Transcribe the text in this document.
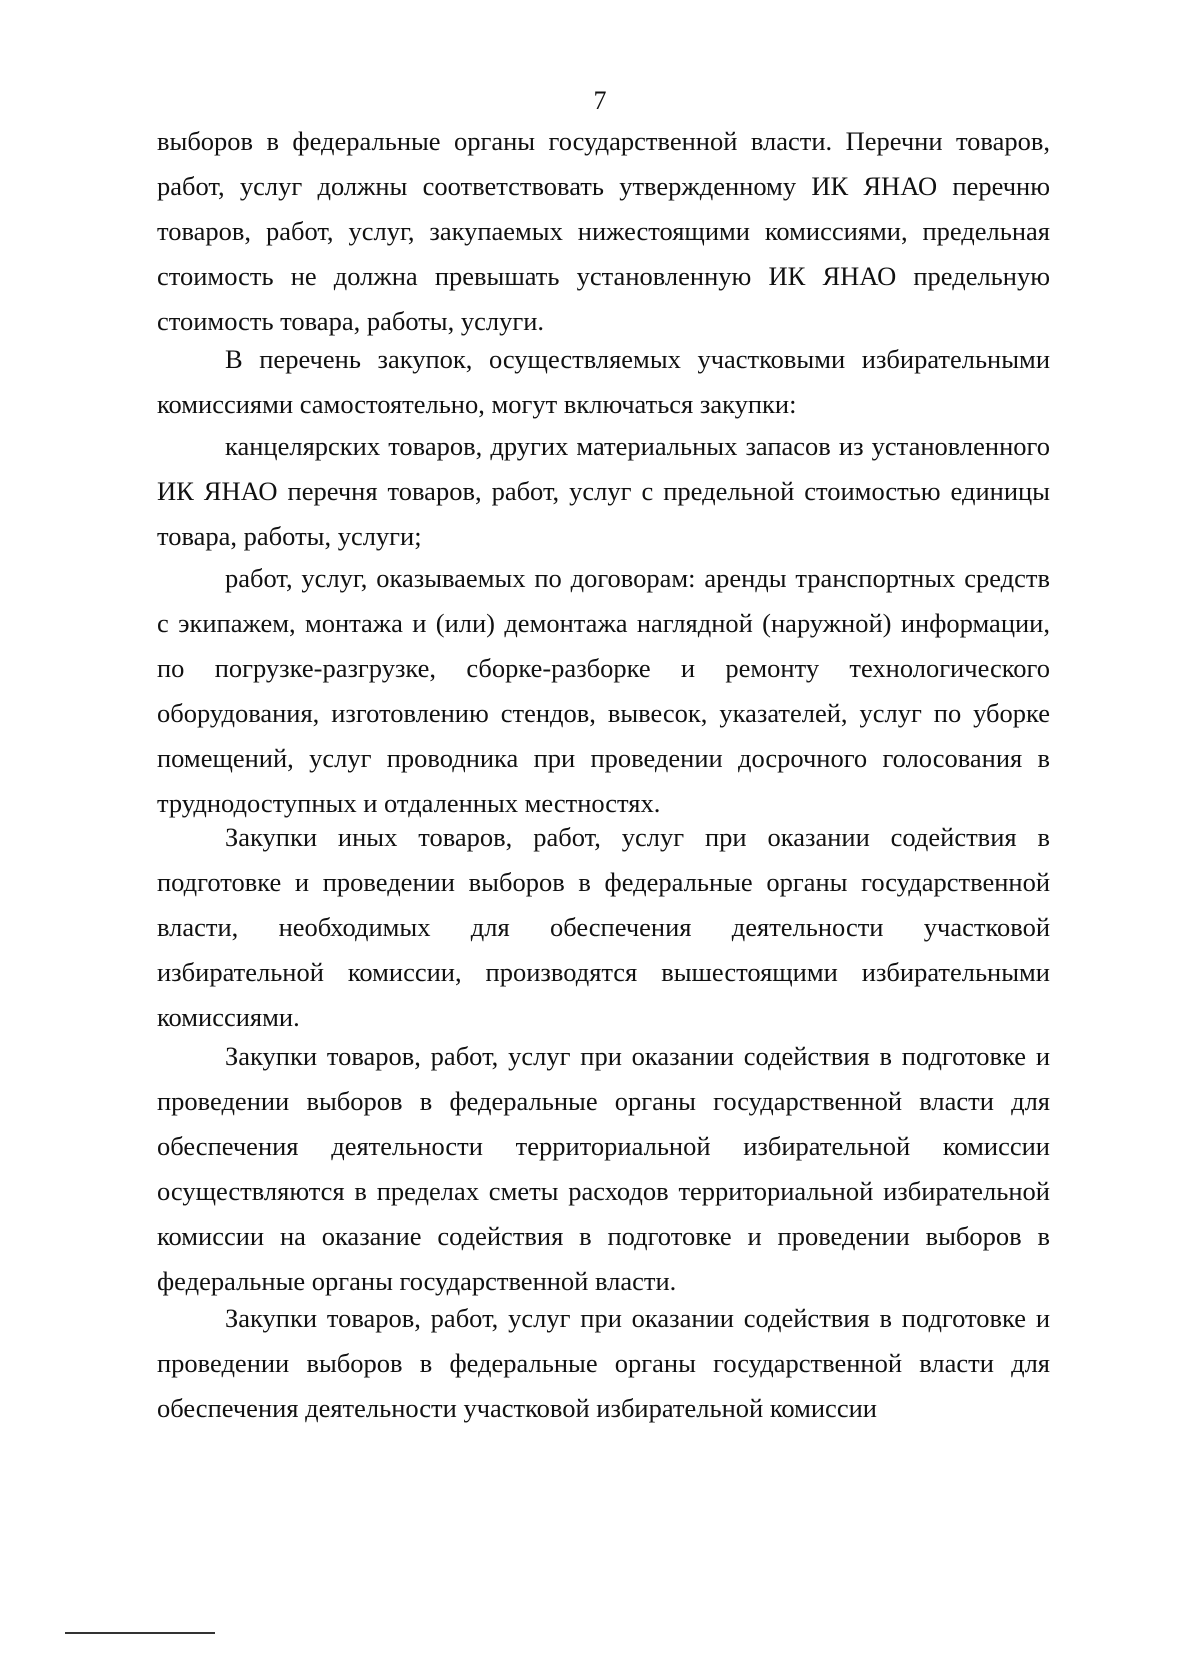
7

выборов в федеральные органы государственной власти. Перечни товаров, работ, услуг должны соответствовать утвержденному ИК ЯНАО перечню товаров, работ, услуг, закупаемых нижестоящими комиссиями, предельная стоимость не должна превышать установленную ИК ЯНАО предельную стоимость товара, работы, услуги.

В перечень закупок, осуществляемых участковыми избирательными комиссиями самостоятельно, могут включаться закупки:

канцелярских товаров, других материальных запасов из установленного ИК ЯНАО перечня товаров, работ, услуг с предельной стоимостью единицы товара, работы, услуги;

работ, услуг, оказываемых по договорам: аренды транспортных средств с экипажем, монтажа и (или) демонтажа наглядной (наружной) информации, по погрузке-разгрузке, сборке-разборке и ремонту технологического оборудования, изготовлению стендов, вывесок, указателей, услуг по уборке помещений, услуг проводника при проведении досрочного голосования в труднодоступных и отдаленных местностях.

Закупки иных товаров, работ, услуг при оказании содействия в подготовке и проведении выборов в федеральные органы государственной власти, необходимых для обеспечения деятельности участковой избирательной комиссии, производятся вышестоящими избирательными комиссиями.

Закупки товаров, работ, услуг при оказании содействия в подготовке и проведении выборов в федеральные органы государственной власти для обеспечения деятельности территориальной избирательной комиссии осуществляются в пределах сметы расходов территориальной избирательной комиссии на оказание содействия в подготовке и проведении выборов в федеральные органы государственной власти.

Закупки товаров, работ, услуг при оказании содействия в подготовке и проведении выборов в федеральные органы государственной власти для обеспечения деятельности участковой избирательной комиссии
